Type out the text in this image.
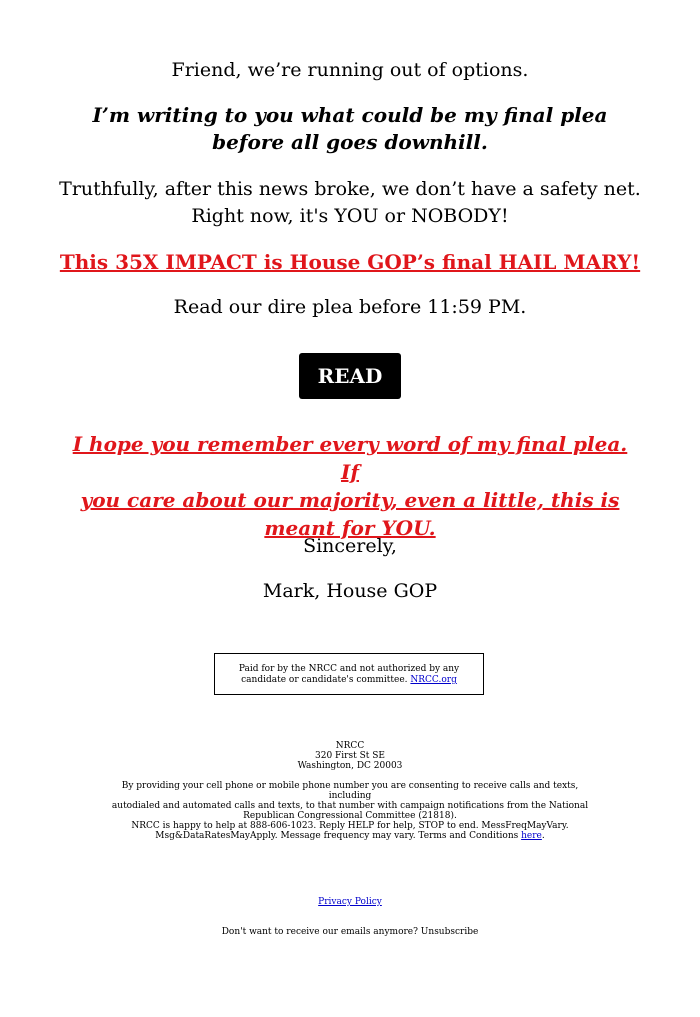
Friend, we’re running out of options.
I’m writing to you what could be my final plea
before all goes downhill.
Truthfully, after this news broke, we don’t have a safety net.
Right now, it's YOU or NOBODY!
This 35X IMPACT is House GOP’s final HAIL MARY!
Read our dire plea before 11:59 PM.
READ
I hope you remember every word of my final plea. If
you care about our majority, even a little, this is
meant for YOU.
Sincerely,
Mark, House GOP
Paid for by the NRCC and not authorized by any
candidate or candidate's committee. NRCC.org
NRCC
320 First St SE
Washington, DC 20003
By providing your cell phone or mobile phone number you are consenting to receive calls and texts, including
autodialed and automated calls and texts, to that number with campaign notifications from the National
Republican Congressional Committee (21818).
NRCC is happy to help at 888-606-1023. Reply HELP for help, STOP to end. MessFreqMayVary.
Msg&DataRatesMayApply. Message frequency may vary. Terms and Conditions here.
Privacy Policy
Don't want to receive our emails anymore? Unsubscribe
